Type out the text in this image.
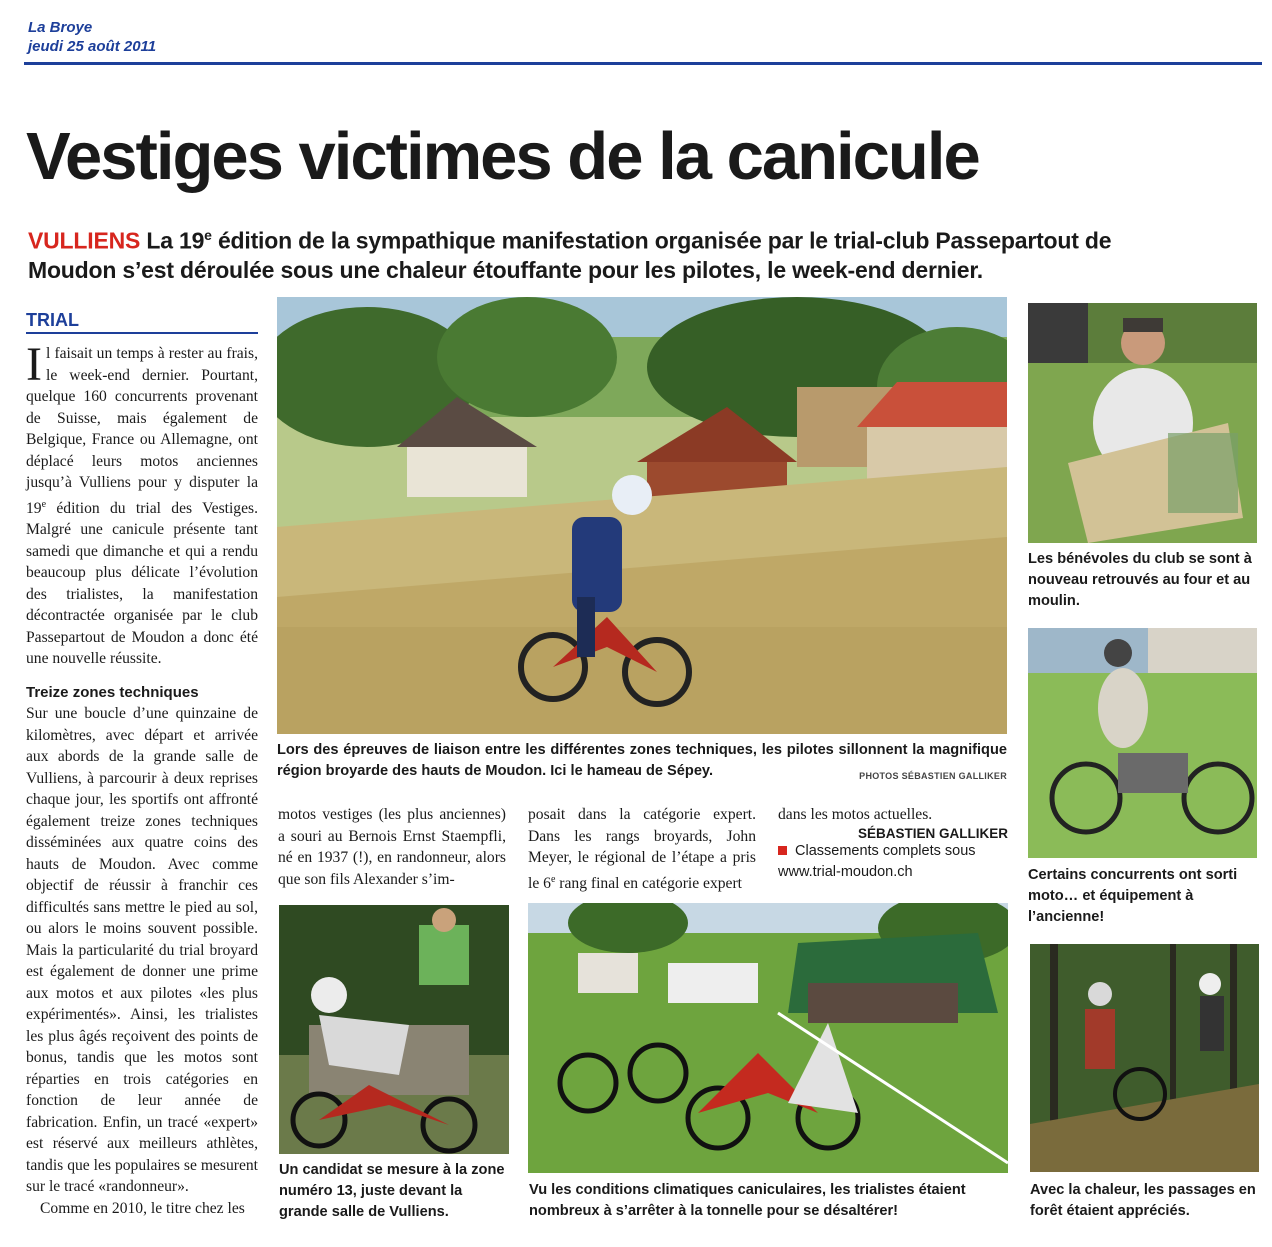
La Broye
jeudi 25 août 2011
Vestiges victimes de la canicule
VULLIENS La 19e édition de la sympathique manifestation organisée par le trial-club Passepartout de
Moudon s’est déroulée sous une chaleur étouffante pour les pilotes, le week-end dernier.
TRIAL
Il faisait un temps à rester au frais, le week-end dernier. Pourtant, quelque 160 concurrents provenant de Suisse, mais également de Belgique, France ou Allemagne, ont déplacé leurs motos anciennes jusqu’à Vulliens pour y disputer la 19e édition du trial des Vestiges. Malgré une canicule présente tant samedi que dimanche et qui a rendu beaucoup plus délicate l’évolution des trialistes, la manifestation décontractée organisée par le club Passepartout de Moudon a donc été une nouvelle réussite.
Treize zones techniques
Sur une boucle d’une quinzaine de kilomètres, avec départ et arrivée aux abords de la grande salle de Vulliens, à parcourir à deux reprises chaque jour, les sportifs ont affronté également treize zones techniques disséminées aux quatre coins des hauts de Moudon. Avec comme objectif de réussir à franchir ces difficultés sans mettre le pied au sol, ou alors le moins souvent possible. Mais la particularité du trial broyard est également de donner une prime aux motos et aux pilotes «les plus expérimentés». Ainsi, les trialistes les plus âgés reçoivent des points de bonus, tandis que les motos sont réparties en trois catégories en fonction de leur année de fabrication. Enfin, un tracé «expert» est réservé aux meilleurs athlètes, tandis que les populaires se mesurent sur le tracé «randonneur».
Comme en 2010, le titre chez les
Lors des épreuves de liaison entre les différentes zones techniques, les pilotes sillonnent la magnifique région broyarde des hauts de Moudon. Ici le hameau de Sépey.	PHOTOS SÉBASTIEN GALLIKER
motos vestiges (les plus anciennes) a souri au Bernois Ernst Staempfli, né en 1937 (!), en randonneur, alors que son fils Alexander s’im-
posait dans la catégorie expert. Dans les rangs broyards, John Meyer, le régional de l’étape a pris le 6e rang final en catégorie expert
dans les motos actuelles.
SÉBASTIEN GALLIKER
Classements complets sous
www.trial-moudon.ch
Les bénévoles du club se sont à nouveau retrouvés au four et au moulin.
Certains concurrents ont sorti moto… et équipement à l’ancienne!
Avec la chaleur, les passages en forêt étaient appréciés.
Un candidat se mesure à la zone numéro 13, juste devant la grande salle de Vulliens.
Vu les conditions climatiques caniculaires, les trialistes étaient nombreux à s’arrêter à la tonnelle pour se désaltérer!
